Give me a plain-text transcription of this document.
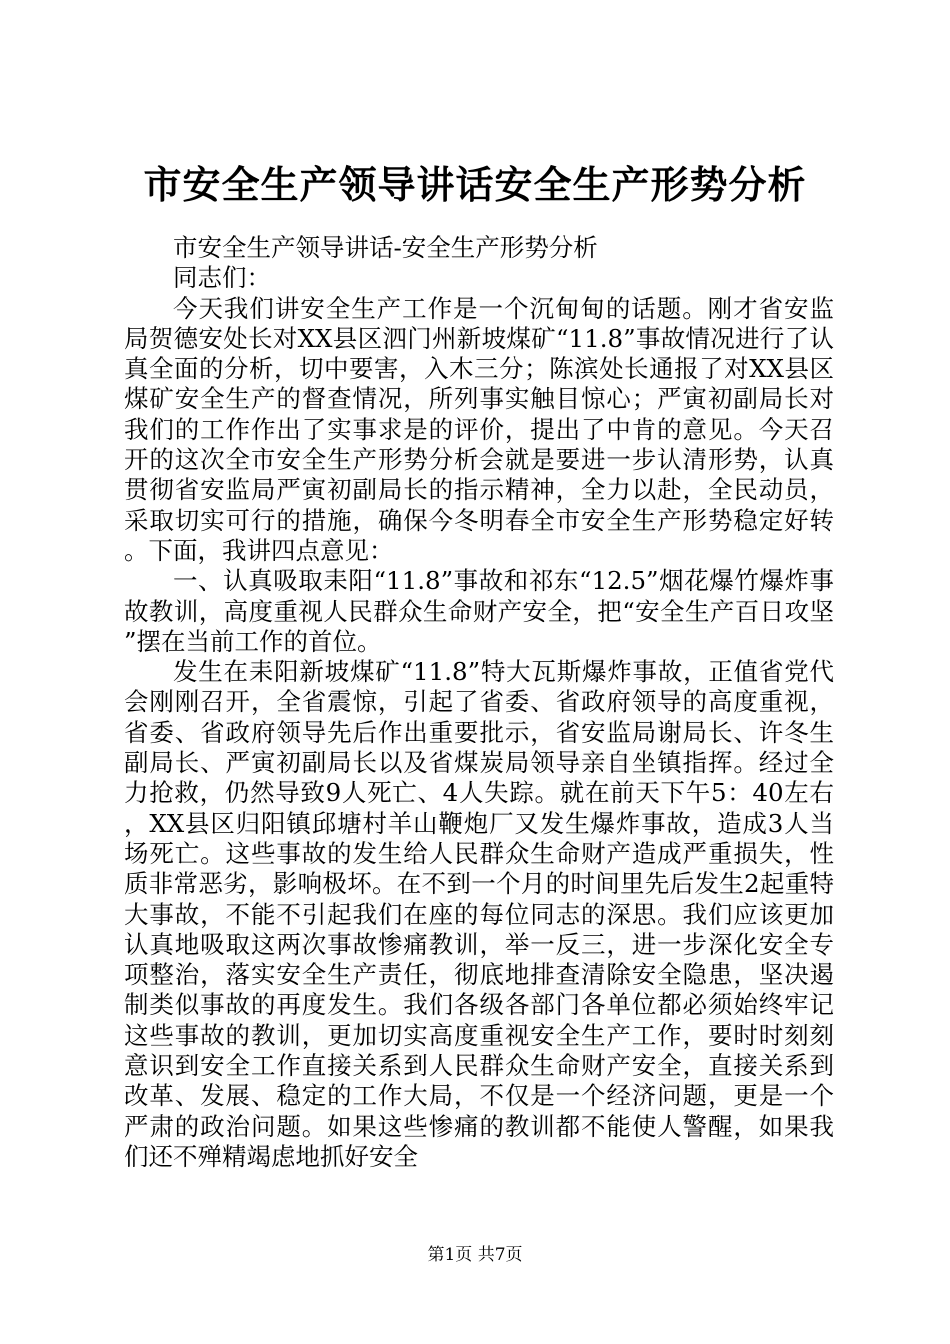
市安全生产领导讲话安全生产形势分析

市安全生产领导讲话-安全生产形势分析

同志们：

今天我们讲安全生产工作是一个沉甸甸的话题。刚才省安监局贺德安处长对XX县区泗门州新坡煤矿“11.8”事故情况进行了认真全面的分析，切中要害，入木三分；陈滨处长通报了对XX县区煤矿安全生产的督查情况，所列事实触目惊心；严寅初副局长对我们的工作作出了实事求是的评价，提出了中肯的意见。今天召开的这次全市安全生产形势分析会就是要进一步认清形势，认真贯彻省安监局严寅初副局长的指示精神，全力以赴，全民动员，采取切实可行的措施，确保今冬明春全市安全生产形势稳定好转。下面，我讲四点意见：

一、认真吸取耒阳“11.8”事故和祁东“12.5”烟花爆竹爆炸事故教训，高度重视人民群众生命财产安全，把“安全生产百日攻坚”摆在当前工作的首位。

发生在耒阳新坡煤矿“11.8”特大瓦斯爆炸事故，正值省党代会刚刚召开，全省震惊，引起了省委、省政府领导的高度重视，省委、省政府领导先后作出重要批示，省安监局谢局长、许冬生副局长、严寅初副局长以及省煤炭局领导亲自坐镇指挥。经过全力抢救，仍然导致9人死亡、4人失踪。就在前天下午5：40左右，XX县区归阳镇邱塘村羊山鞭炮厂又发生爆炸事故，造成3人当场死亡。这些事故的发生给人民群众生命财产造成严重损失，性质非常恶劣，影响极坏。在不到一个月的时间里先后发生2起重特大事故，不能不引起我们在座的每位同志的深思。我们应该更加认真地吸取这两次事故惨痛教训，举一反三，进一步深化安全专项整治，落实安全生产责任，彻底地排查清除安全隐患，坚决遏制类似事故的再度发生。我们各级各部门各单位都必须始终牢记这些事故的教训，更加切实高度重视安全生产工作，要时时刻刻意识到安全工作直接关系到人民群众生命财产安全，直接关系到改革、发展、稳定的工作大局，不仅是一个经济问题，更是一个严肃的政治问题。如果这些惨痛的教训都不能使人警醒，如果我们还不殚精竭虑地抓好安全

第1页 共7页
